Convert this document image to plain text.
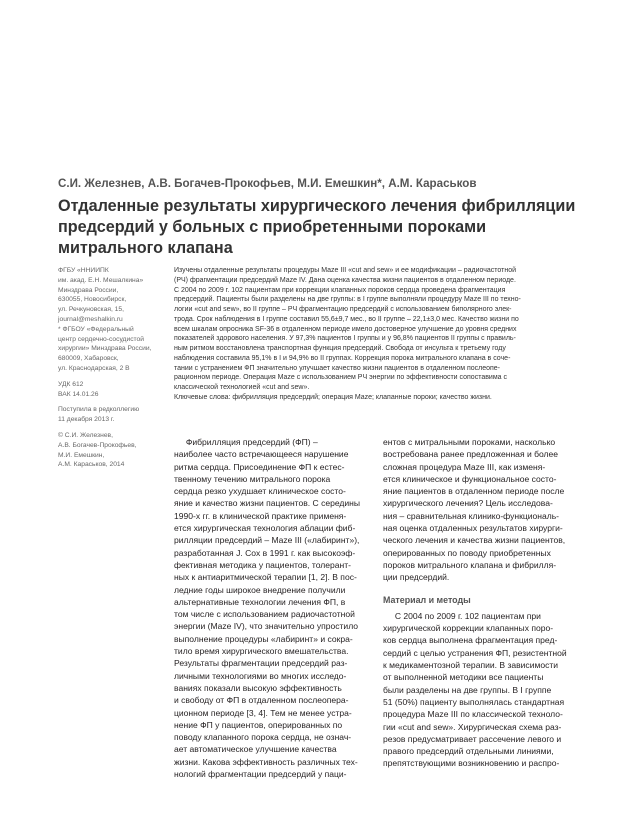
С.И. Железнев, А.В. Богачев-Прокофьев, М.И. Емешкин*, А.М. Караськов
Отдаленные результаты хирургического лечения фибрилляции
предсердий у больных с приобретенными пороками
митрального клапана
ФГБУ «ННИИПК
им. акад. Е.Н. Мешалкина»
Минздрава России,
630055, Новосибирск,
ул. Речкуновская, 15,
journal@meshalkin.ru
* ФГБОУ «Федеральный
центр сердечно-сосудистой
хирургии» Минздрава России,
680009, Хабаровск,
ул. Краснодарская, 2 В
УДК 612
ВАК 14.01.26
Поступила в редколлегию
11 декабря 2013 г.
© С.И. Железнев,
А.В. Богачев-Прокофьев,
М.И. Емешкин,
А.М. Караськов, 2014
Изучены отдаленные результаты процедуры Maze III «cut and sew» и ее модификации – радиочастотной
(РЧ) фрагментации предсердий Maze IV. Дана оценка качества жизни пациентов в отдаленном периоде.
С 2004 по 2009 г. 102 пациентам при коррекции клапанных пороков сердца проведена фрагментация
предсердий. Пациенты были разделены на две группы: в I группе выполняли процедуру Maze III по техно-
логии «cut and sew», во II группе – РЧ фрагментацию предсердий с использованием биполярного элек-
трода. Срок наблюдения в I группе составил 55,6±9,7 мес., во II группе – 22,1±3,0 мес. Качество жизни по
всем шкалам опросника SF-36 в отдаленном периоде имело достоверное улучшение до уровня средних
показателей здорового населения. У 97,3% пациентов I группы и у 96,8% пациентов II группы с правиль-
ным ритмом восстановлена транспортная функция предсердий. Свобода от инсульта к третьему году
наблюдения составила 95,1% в I и 94,9% во II группах. Коррекция порока митрального клапана в соче-
тании с устранением ФП значительно улучшает качество жизни пациентов в отдаленном послеопе-
рационном периоде. Операция Maze с использованием РЧ энергии по эффективности сопоставима с
классической технологией «cut and sew».
Ключевые слова: фибрилляция предсердий; операция Maze; клапанные пороки; качество жизни.
Фибрилляция предсердий (ФП) –
наиболее часто встречающееся нарушение
ритма сердца. Присоединение ФП к естес-
твенному течению митрального порока
сердца резко ухудшает клиническое состо-
яние и качество жизни пациентов. С середины
1990-х гг. в клинической практике применя-
ется хирургическая технология аблации фиб-
рилляции предсердий – Maze III («лабиринт»),
разработанная J. Cox в 1991 г. как высокоэф-
фективная методика у пациентов, толерант-
ных к антиаритмической терапии [1, 2]. В пос-
ледние годы широкое внедрение получили
альтернативные технологии лечения ФП, в
том числе с использованием радиочастотной
энергии (Maze IV), что значительно упростило
выполнение процедуры «лабиринт» и сокра-
тило время хирургического вмешательства.
Результаты фрагментации предсердий раз-
личными технологиями во многих исследо-
ваниях показали высокую эффективность
и свободу от ФП в отдаленном послеопера-
ционном периоде [3, 4]. Тем не менее устра-
нение ФП у пациентов, оперированных по
поводу клапанного порока сердца, не означ-
ает автоматическое улучшение качества
жизни. Какова эффективность различных тех-
нологий фрагментации предсердий у паци-
ентов с митральными пороками, насколько
востребована ранее предложенная и более
сложная процедура Maze III, как изменя-
ется клиническое и функциональное состо-
яние пациентов в отдаленном периоде после
хирургического лечения? Цель исследова-
ния – сравнительная клинико-функциональ-
ная оценка отдаленных результатов хирурги-
ческого лечения и качества жизни пациентов,
оперированных по поводу приобретенных
пороков митрального клапана и фибрилля-
ции предсердий.
Материал и методы
С 2004 по 2009 г. 102 пациентам при
хирургической коррекции клапанных поро-
ков сердца выполнена фрагментация пред-
сердий с целью устранения ФП, резистентной
к медикаментозной терапии. В зависимости
от выполненной методики все пациенты
были разделены на две группы. В I группе
51 (50%) пациенту выполнялась стандартная
процедура Maze III по классической техноло-
гии «cut and sew». Хирургическая схема раз-
резов предусматривает рассечение левого и
правого предсердий отдельными линиями,
препятствующими возникновению и распро-
